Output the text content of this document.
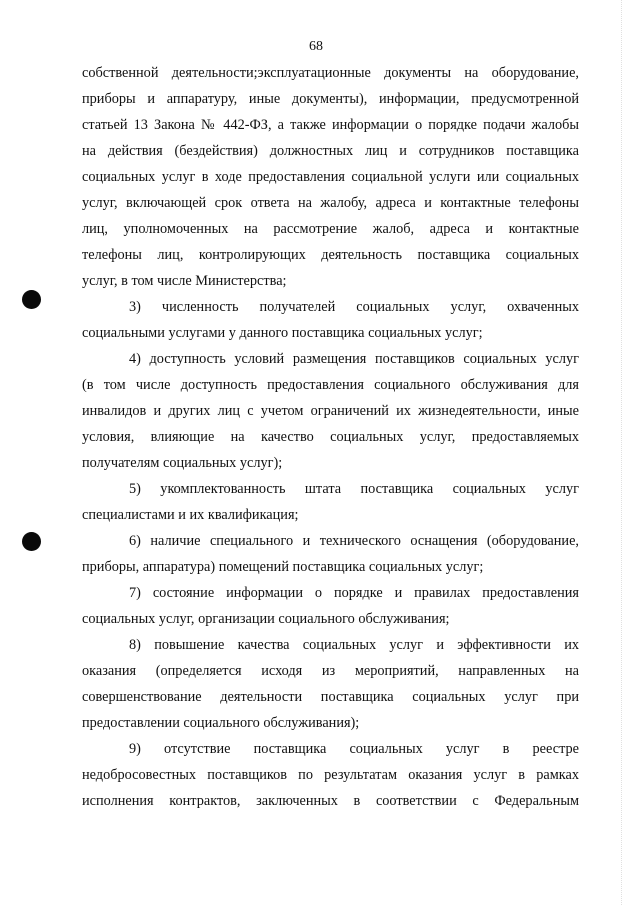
68
собственной деятельности;эксплуатационные документы на оборудование,
приборы и аппаратуру, иные документы), информации, предусмотренной
статьей 13 Закона № 442-ФЗ, а также информации о порядке подачи жалобы
на действия (бездействия) должностных лиц и сотрудников поставщика
социальных услуг в ходе предоставления социальной услуги или социальных
услуг, включающей срок ответа на жалобу, адреса и контактные телефоны
лиц, уполномоченных на рассмотрение жалоб, адреса и контактные
телефоны лиц, контролирующих деятельность поставщика социальных
услуг, в том числе Министерства;
3) численность получателей социальных услуг, охваченных
социальными услугами у данного поставщика социальных услуг;
4) доступность условий размещения поставщиков социальных услуг
(в том числе доступность предоставления социального обслуживания для
инвалидов и других лиц с учетом ограничений их жизнедеятельности, иные
условия, влияющие на качество социальных услуг, предоставляемых
получателям социальных услуг);
5) укомплектованность штата поставщика социальных услуг
специалистами и их квалификация;
6) наличие специального и технического оснащения (оборудование,
приборы, аппаратура) помещений поставщика социальных услуг;
7) состояние информации о порядке и правилах предоставления
социальных услуг, организации социального обслуживания;
8) повышение качества социальных услуг и эффективности их
оказания (определяется исходя из мероприятий, направленных на
совершенствование деятельности поставщика социальных услуг при
предоставлении социального обслуживания);
9) отсутствие поставщика социальных услуг в реестре
недобросовестных поставщиков по результатам оказания услуг в рамках
исполнения контрактов, заключенных в соответствии с Федеральным
